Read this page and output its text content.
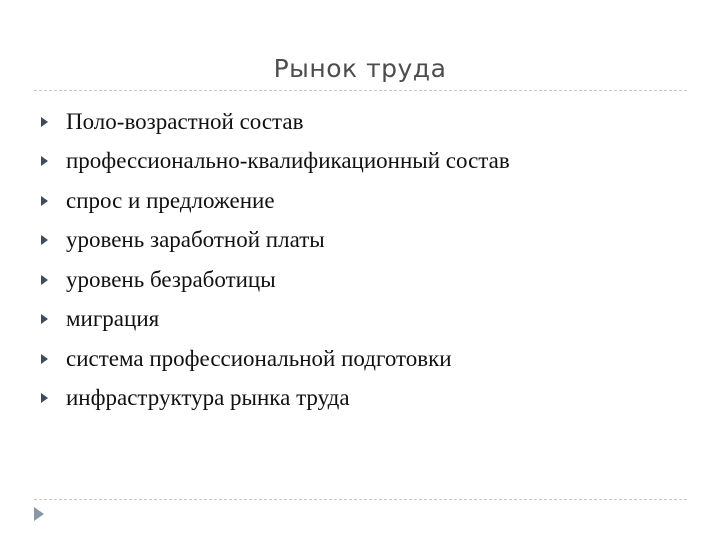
Рынок труда
Поло-возрастной состав
профессионально-квалификационный состав
спрос и предложение
уровень заработной платы
уровень безработицы
миграция
система профессиональной подготовки
инфраструктура рынка труда
